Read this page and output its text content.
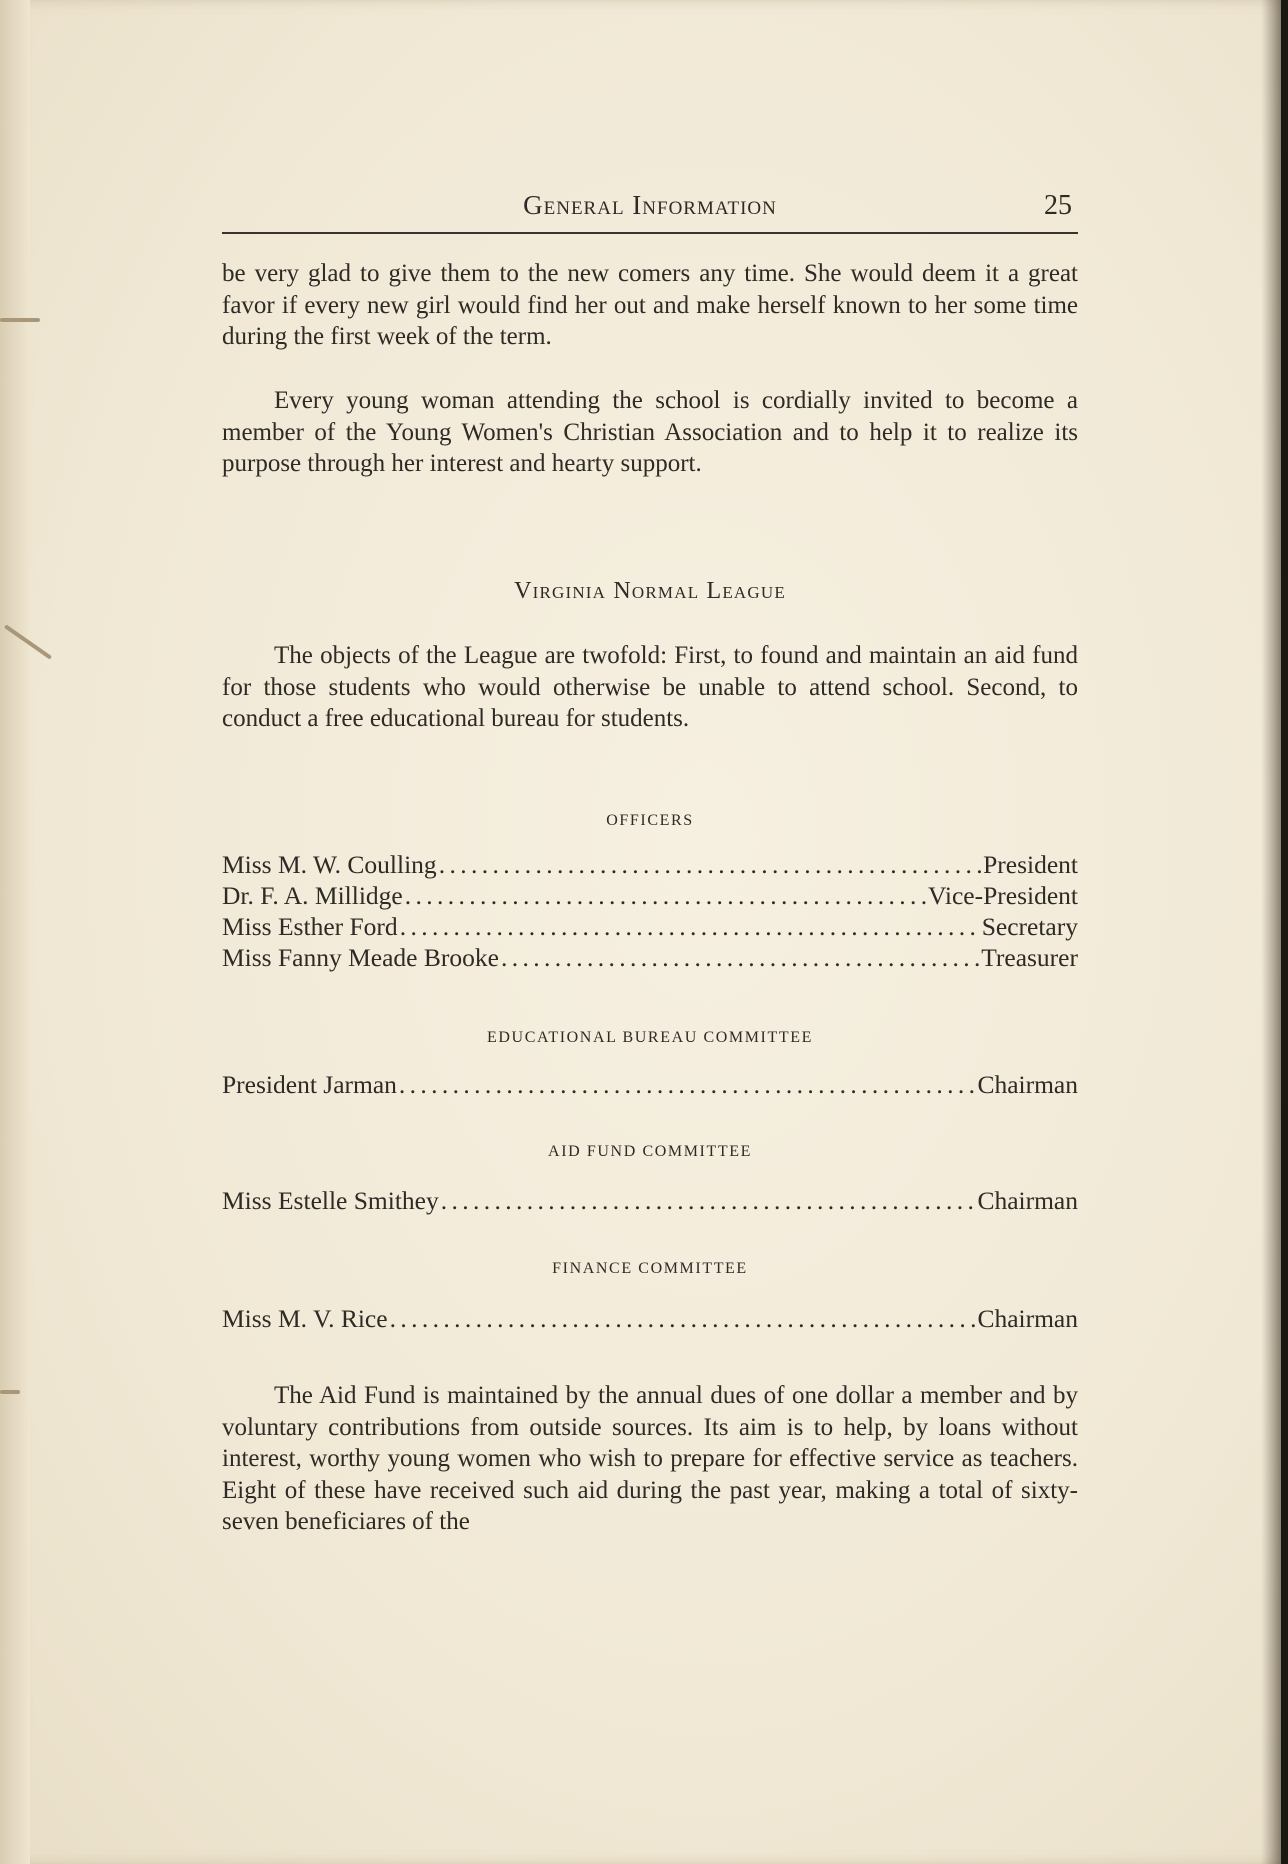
General Information	25

be very glad to give them to the new comers any time. She would deem it a great favor if every new girl would find her out and make herself known to her some time during the first week of the term.

Every young woman attending the school is cordially invited to become a member of the Young Women's Christian Association and to help it to realize its purpose through her interest and hearty support.

Virginia Normal League

The objects of the League are twofold: First, to found and maintain an aid fund for those students who would otherwise be unable to attend school. Second, to conduct a free educational bureau for students.

OFFICERS
Miss M. W. Coulling . . .	President
Dr. F. A. Millidge . . .	Vice-President
Miss Esther Ford . . .	Secretary
Miss Fanny Meade Brooke . . .	Treasurer
EDUCATIONAL BUREAU COMMITTEE
President Jarman . . .	Chairman
AID FUND COMMITTEE
Miss Estelle Smithey . . .	Chairman
FINANCE COMMITTEE
Miss M. V. Rice . . .	Chairman

The Aid Fund is maintained by the annual dues of one dollar a member and by voluntary contributions from outside sources. Its aim is to help, by loans without interest, worthy young women who wish to prepare for effective service as teachers. Eight of these have received such aid during the past year, making a total of sixty-seven beneficiares of the
